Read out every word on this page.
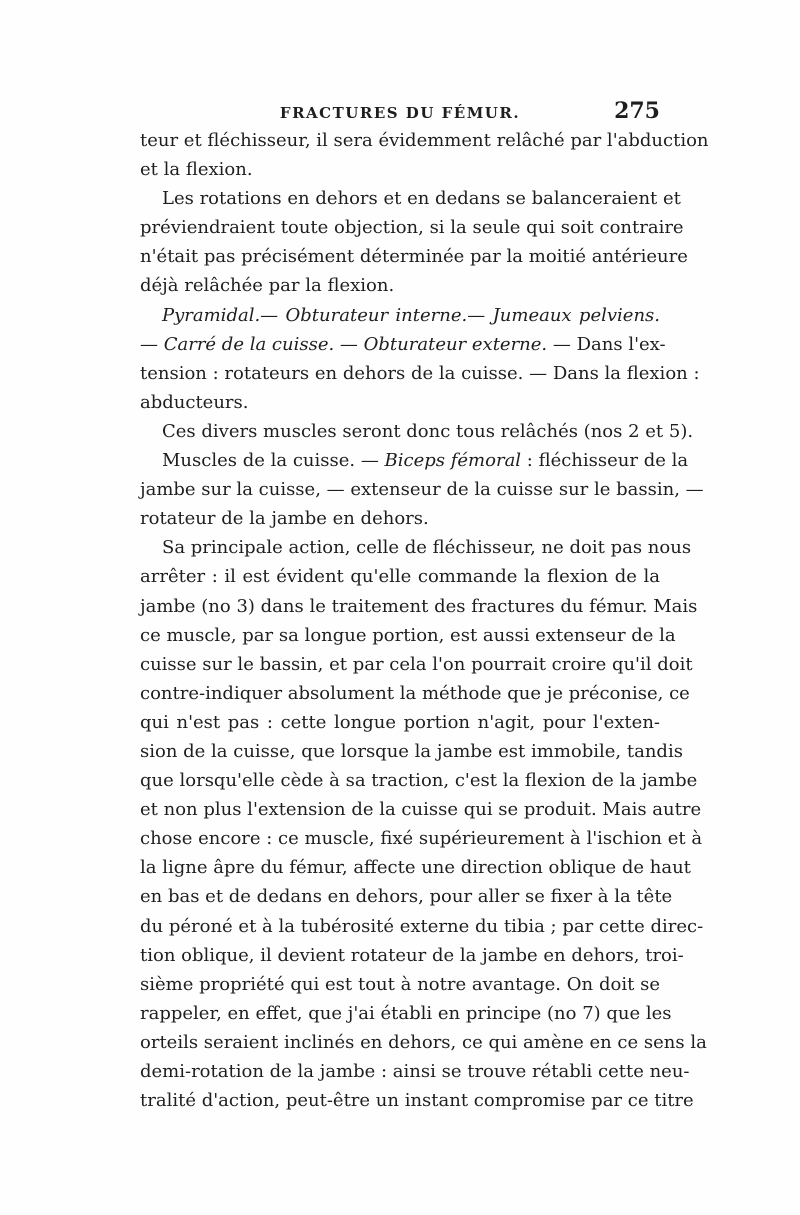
FRACTURES DU FÉMUR.	275
teur et fléchisseur, il sera évidemment relâché par l'abduction
et la flexion.
Les rotations en dehors et en dedans se balanceraient et
préviendraient toute objection, si la seule qui soit contraire
n'était pas précisément déterminée par la moitié antérieure
déjà relâchée par la flexion.
Pyramidal.— Obturateur interne.— Jumeaux pelviens.
— Carré de la cuisse. — Obturateur externe. — Dans l'ex-
tension : rotateurs en dehors de la cuisse. — Dans la flexion :
abducteurs.
Ces divers muscles seront donc tous relâchés (nos 2 et 5).
Muscles de la cuisse. — Biceps fémoral : fléchisseur de la
jambe sur la cuisse, — extenseur de la cuisse sur le bassin, —
rotateur de la jambe en dehors.
Sa principale action, celle de fléchisseur, ne doit pas nous
arrêter : il est évident qu'elle commande la flexion de la
jambe (no 3) dans le traitement des fractures du fémur. Mais
ce muscle, par sa longue portion, est aussi extenseur de la
cuisse sur le bassin, et par cela l'on pourrait croire qu'il doit
contre-indiquer absolument la méthode que je préconise, ce
qui n'est pas : cette longue portion n'agit, pour l'exten-
sion de la cuisse, que lorsque la jambe est immobile, tandis
que lorsqu'elle cède à sa traction, c'est la flexion de la jambe
et non plus l'extension de la cuisse qui se produit. Mais autre
chose encore : ce muscle, fixé supérieurement à l'ischion et à
la ligne âpre du fémur, affecte une direction oblique de haut
en bas et de dedans en dehors, pour aller se fixer à la tête
du péroné et à la tubérosité externe du tibia ; par cette direc-
tion oblique, il devient rotateur de la jambe en dehors, troi-
sième propriété qui est tout à notre avantage. On doit se
rappeler, en effet, que j'ai établi en principe (no 7) que les
orteils seraient inclinés en dehors, ce qui amène en ce sens la
demi-rotation de la jambe : ainsi se trouve rétabli cette neu-
tralité d'action, peut-être un instant compromise par ce titre
